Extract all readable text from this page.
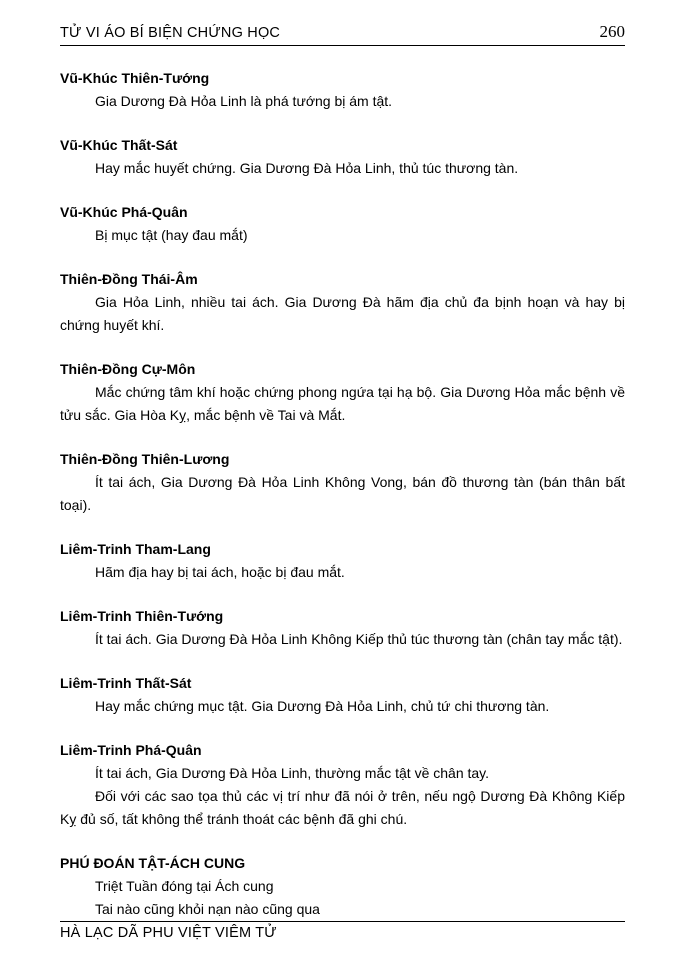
TỬ VI ÁO BÍ BIỆN CHỨNG HỌC	260
Vũ-Khúc Thiên-Tướng

Gia Dương Đà Hỏa Linh là phá tướng bị ám tật.

Vũ-Khúc Thất-Sát

Hay mắc huyết chứng. Gia Dương Đà Hỏa Linh, thủ túc thương tàn.

Vũ-Khúc Phá-Quân

Bị mục tật (hay đau mắt)

Thiên-Đồng Thái-Âm

Gia Hỏa Linh, nhiều tai ách. Gia Dương Đà hãm địa chủ đa bịnh hoạn và hay bị chứng huyết khí.

Thiên-Đồng Cự-Môn

Mắc chứng tâm khí hoặc chứng phong ngứa tại hạ bộ. Gia Dương Hỏa mắc bệnh về tửu sắc. Gia Hòa Kỵ, mắc bệnh về Tai và Mắt.

Thiên-Đồng Thiên-Lương

Ít tai ách, Gia Dương Đà Hỏa Linh Không Vong, bán đồ thương tàn (bán thân bất toại).

Liêm-Trinh Tham-Lang

Hãm địa hay bị tai ách, hoặc bị đau mắt.

Liêm-Trinh Thiên-Tướng

Ít tai ách. Gia Dương Đà Hỏa Linh Không Kiếp thủ túc thương tàn (chân tay mắc tật).

Liêm-Trinh Thất-Sát

Hay mắc chứng mục tật. Gia Dương Đà Hỏa Linh, chủ tứ chi thương tàn.

Liêm-Trinh Phá-Quân

Ít tai ách, Gia Dương Đà Hỏa Linh, thường mắc tật về chân tay.

Đối với các sao tọa thủ các vị trí như đã nói ở trên, nếu ngộ Dương Đà Không Kiếp Kỵ đủ số, tất không thể tránh thoát các bệnh đã ghi chú.

PHÚ ĐOÁN TẬT-ÁCH CUNG

Triệt Tuần đóng tại Ách cung

Tai nào cũng khỏi nạn nào cũng qua

HÀ LẠC DÃ PHU VIỆT VIÊM TỬ
